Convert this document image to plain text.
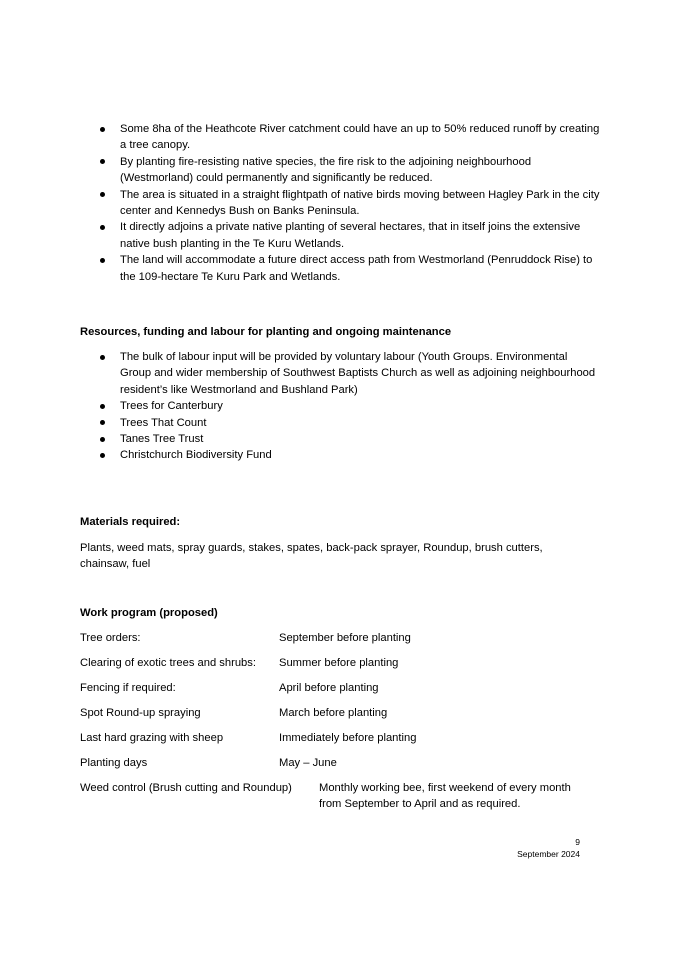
Some 8ha of the Heathcote River catchment could have an up to 50% reduced runoff by creating a tree canopy.
By planting fire-resisting native species, the fire risk to the adjoining neighbourhood (Westmorland) could permanently and significantly be reduced.
The area is situated in a straight flightpath of native birds moving between Hagley Park in the city center and Kennedys Bush on Banks Peninsula.
It directly adjoins a private native planting of several hectares, that in itself joins the extensive native bush planting in the Te Kuru Wetlands.
The land will accommodate a future direct access path from Westmorland (Penruddock Rise) to the 109-hectare Te Kuru Park and Wetlands.
Resources, funding and labour for planting and ongoing maintenance
The bulk of labour input will be provided by voluntary labour (Youth Groups. Environmental Group and wider membership of Southwest Baptists Church as well as adjoining neighbourhood resident’s like Westmorland and Bushland Park)
Trees for Canterbury
Trees That Count
Tanes Tree Trust
Christchurch Biodiversity Fund
Materials required:
Plants, weed mats, spray guards, stakes, spates, back-pack sprayer, Roundup, brush cutters, chainsaw, fuel
Work program (proposed)
Tree orders:	September before planting
Clearing of exotic trees and shrubs: Summer before planting
Fencing if required:	April before planting
Spot Round-up spraying	March before planting
Last hard grazing with sheep	Immediately before planting
Planting days	May – June
Weed control (Brush cutting and Roundup) Monthly working bee, first weekend of every month from September to April and as required.
9
September 2024
